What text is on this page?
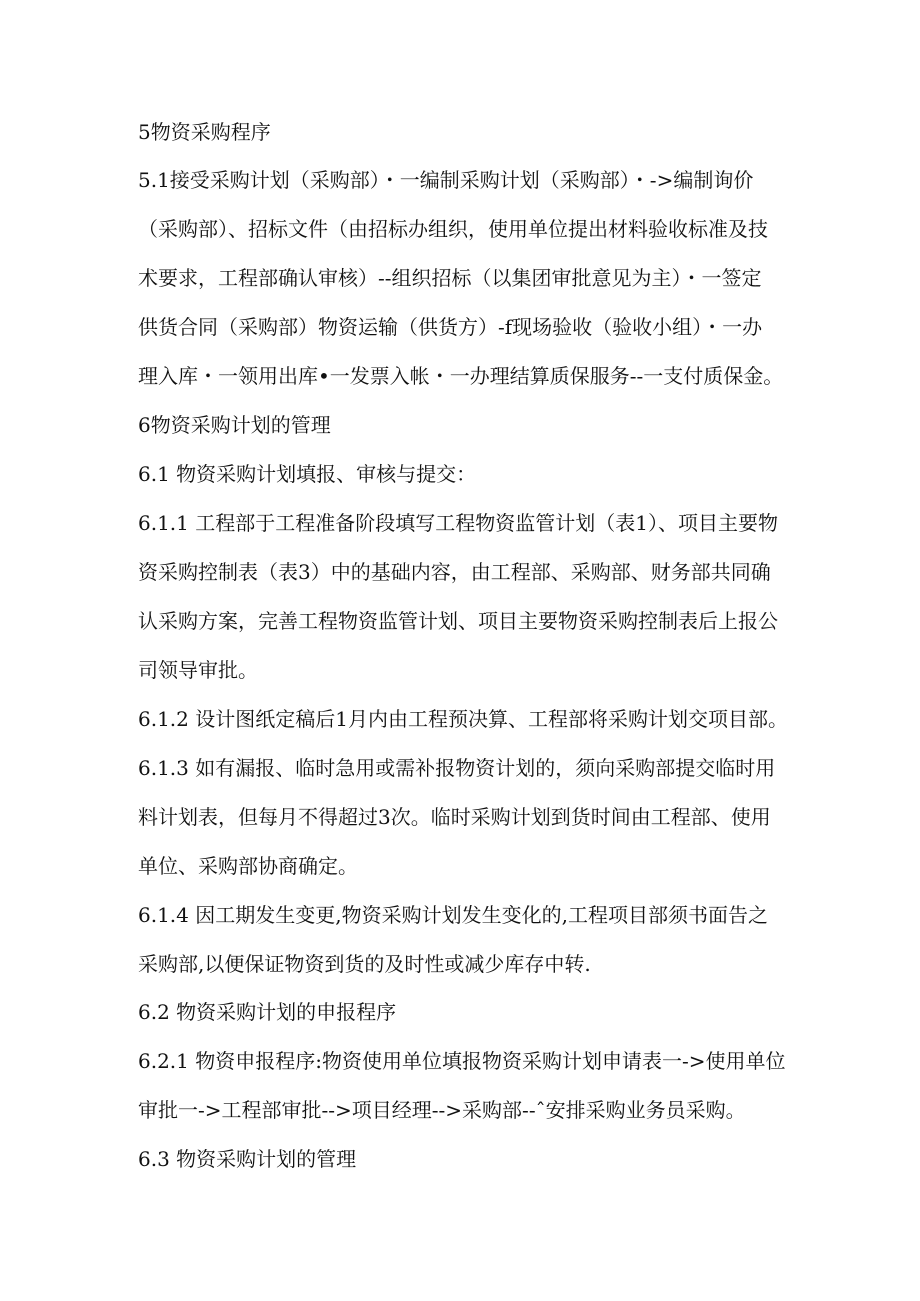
5物资采购程序
5.1接受采购计划（采购部）・一编制采购计划（采购部）・->编制询价
（采购部）、招标文件（由招标办组织，使用单位提出材料验收标准及技
术要求，工程部确认审核）--组织招标（以集团审批意见为主）・一签定
供货合同（采购部）物资运输（供货方）-f现场验收（验收小组）・一办
理入库・一领用出库•一发票入帐・一办理结算质保服务--一支付质保金。
6物资采购计划的管理
6.1 物资采购计划填报、审核与提交：
6.1.1 工程部于工程准备阶段填写工程物资监管计划（表1）、项目主要物
资采购控制表（表3）中的基础内容，由工程部、采购部、财务部共同确
认采购方案，完善工程物资监管计划、项目主要物资采购控制表后上报公
司领导审批。
6.1.2 设计图纸定稿后1月内由工程预决算、工程部将采购计划交项目部。
6.1.3 如有漏报、临时急用或需补报物资计划的，须向采购部提交临时用
料计划表，但每月不得超过3次。临时采购计划到货时间由工程部、使用
单位、采购部协商确定。
6.1.4 因工期发生变更,物资采购计划发生变化的,工程项目部须书面告之
采购部,以便保证物资到货的及时性或减少库存中转.
6.2 物资采购计划的申报程序
6.2.1 物资申报程序:物资使用单位填报物资采购计划申请表一->使用单位
审批一->工程部审批-->项目经理-->采购部--ˆ安排采购业务员采购。
6.3 物资采购计划的管理
